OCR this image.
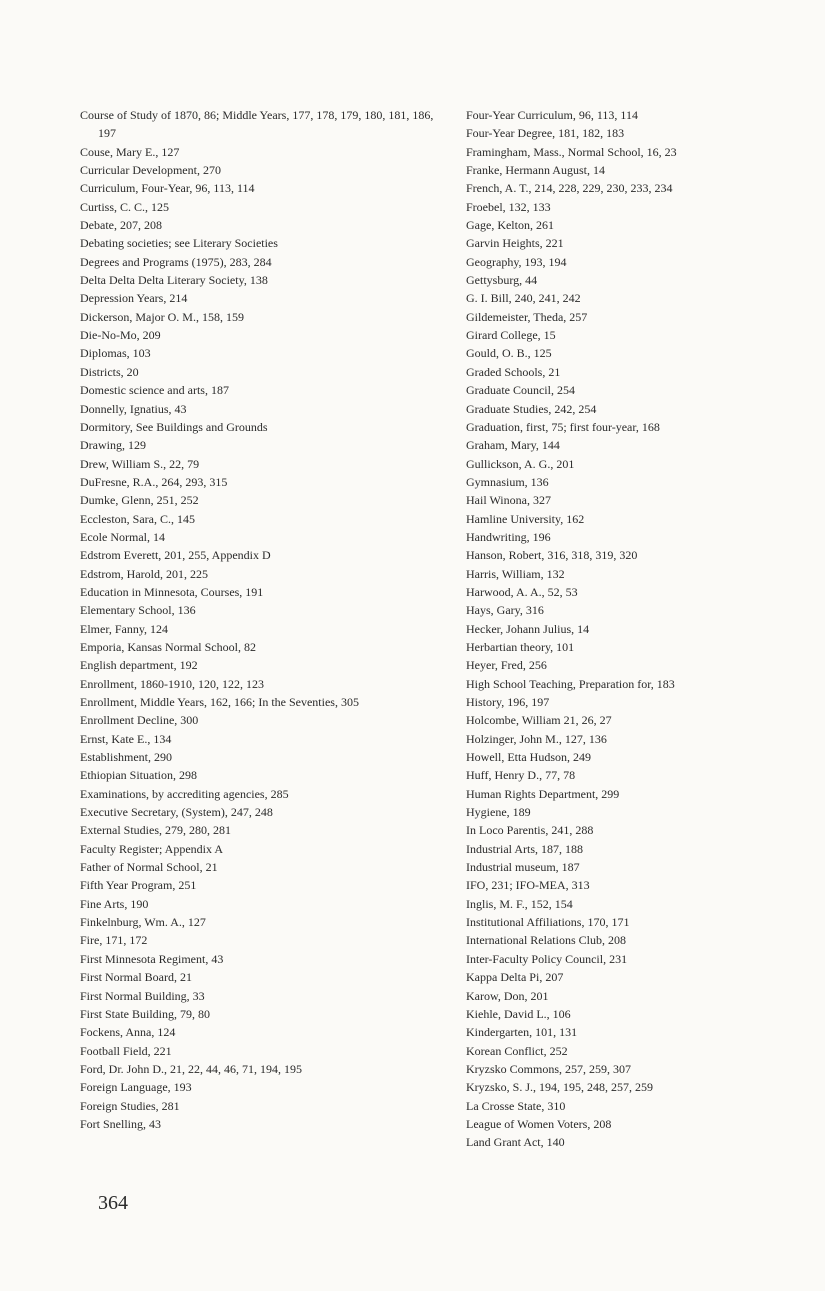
Course of Study of 1870, 86; Middle Years, 177, 178, 179, 180, 181, 186, 197
Couse, Mary E., 127
Curricular Development, 270
Curriculum, Four-Year, 96, 113, 114
Curtiss, C. C., 125
Debate, 207, 208
Debating societies; see Literary Societies
Degrees and Programs (1975), 283, 284
Delta Delta Delta Literary Society, 138
Depression Years, 214
Dickerson, Major O. M., 158, 159
Die-No-Mo, 209
Diplomas, 103
Districts, 20
Domestic science and arts, 187
Donnelly, Ignatius, 43
Dormitory, See Buildings and Grounds
Drawing, 129
Drew, William S., 22, 79
DuFresne, R.A., 264, 293, 315
Dumke, Glenn, 251, 252
Eccleston, Sara, C., 145
Ecole Normal, 14
Edstrom Everett, 201, 255, Appendix D
Edstrom, Harold, 201, 225
Education in Minnesota, Courses, 191
Elementary School, 136
Elmer, Fanny, 124
Emporia, Kansas Normal School, 82
English department, 192
Enrollment, 1860-1910, 120, 122, 123
Enrollment, Middle Years, 162, 166; In the Seventies, 305
Enrollment Decline, 300
Ernst, Kate E., 134
Establishment, 290
Ethiopian Situation, 298
Examinations, by accrediting agencies, 285
Executive Secretary, (System), 247, 248
External Studies, 279, 280, 281
Faculty Register; Appendix A
Father of Normal School, 21
Fifth Year Program, 251
Fine Arts, 190
Finkelnburg, Wm. A., 127
Fire, 171, 172
First Minnesota Regiment, 43
First Normal Board, 21
First Normal Building, 33
First State Building, 79, 80
Fockens, Anna, 124
Football Field, 221
Ford, Dr. John D., 21, 22, 44, 46, 71, 194, 195
Foreign Language, 193
Foreign Studies, 281
Fort Snelling, 43
Four-Year Curriculum, 96, 113, 114
Four-Year Degree, 181, 182, 183
Framingham, Mass., Normal School, 16, 23
Franke, Hermann August, 14
French, A. T., 214, 228, 229, 230, 233, 234
Froebel, 132, 133
Gage, Kelton, 261
Garvin Heights, 221
Geography, 193, 194
Gettysburg, 44
G. I. Bill, 240, 241, 242
Gildemeister, Theda, 257
Girard College, 15
Gould, O. B., 125
Graded Schools, 21
Graduate Council, 254
Graduate Studies, 242, 254
Graduation, first, 75; first four-year, 168
Graham, Mary, 144
Gullickson, A. G., 201
Gymnasium, 136
Hail Winona, 327
Hamline University, 162
Handwriting, 196
Hanson, Robert, 316, 318, 319, 320
Harris, William, 132
Harwood, A. A., 52, 53
Hays, Gary, 316
Hecker, Johann Julius, 14
Herbartian theory, 101
Heyer, Fred, 256
High School Teaching, Preparation for, 183
History, 196, 197
Holcombe, William 21, 26, 27
Holzinger, John M., 127, 136
Howell, Etta Hudson, 249
Huff, Henry D., 77, 78
Human Rights Department, 299
Hygiene, 189
In Loco Parentis, 241, 288
Industrial Arts, 187, 188
Industrial museum, 187
IFO, 231; IFO-MEA, 313
Inglis, M. F., 152, 154
Institutional Affiliations, 170, 171
International Relations Club, 208
Inter-Faculty Policy Council, 231
Kappa Delta Pi, 207
Karow, Don, 201
Kiehle, David L., 106
Kindergarten, 101, 131
Korean Conflict, 252
Kryzsko Commons, 257, 259, 307
Kryzsko, S. J., 194, 195, 248, 257, 259
La Crosse State, 310
League of Women Voters, 208
Land Grant Act, 140
364
